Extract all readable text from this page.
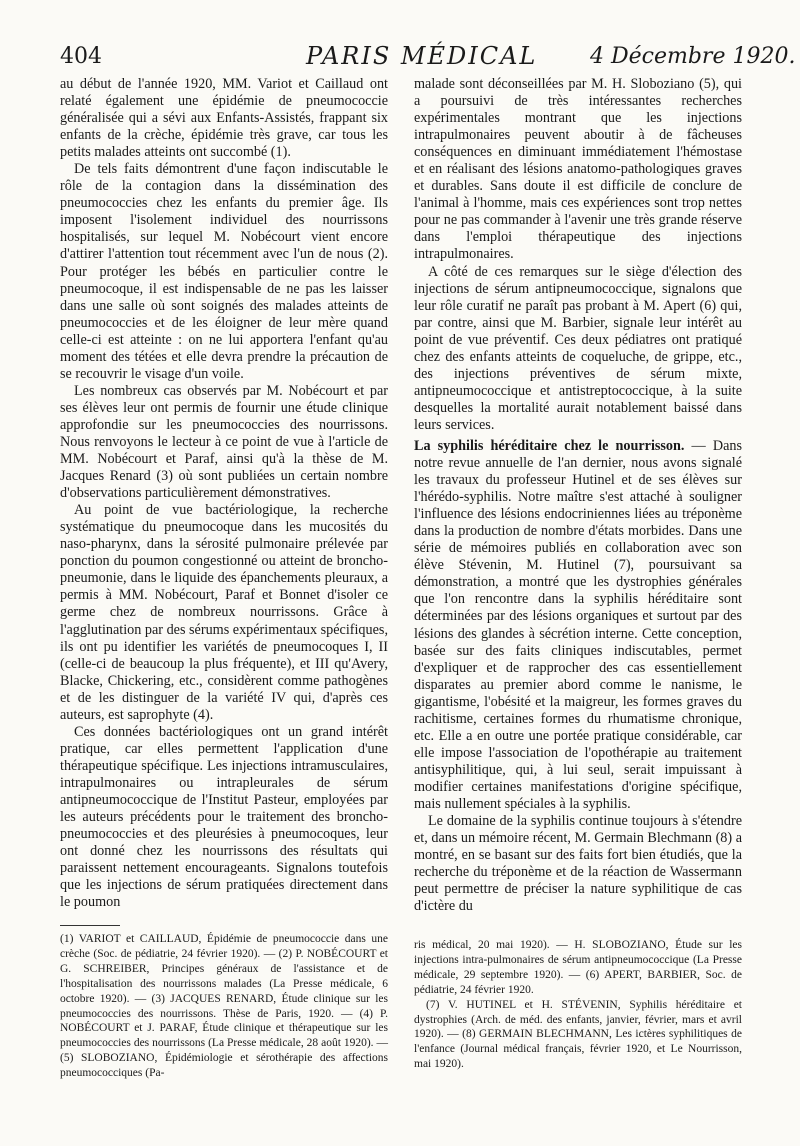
404	PARIS MÉDICAL 4 Décembre 1920.

au début de l'année 1920, MM. Variot et Caillaud ont relaté également une épidémie de pneumococcie généralisée qui a sévi aux Enfants-Assistés, frappant six enfants de la crèche, épidémie très grave, car tous les petits malades atteints ont succombé (1).

De tels faits démontrent d'une façon indiscutable le rôle de la contagion dans la dissémination des pneumococcies chez les enfants du premier âge. Ils imposent l'isolement individuel des nourrissons hospitalisés, sur lequel M. Nobécourt vient encore d'attirer l'attention tout récemment avec l'un de nous (2). Pour protéger les bébés en particulier contre le pneumocoque, il est indispensable de ne pas les laisser dans une salle où sont soignés des malades atteints de pneumococcies et de les éloigner de leur mère quand celle-ci est atteinte : on ne lui apportera l'enfant qu'au moment des tétées et elle devra prendre la précaution de se recouvrir le visage d'un voile.

Les nombreux cas observés par M. Nobécourt et par ses élèves leur ont permis de fournir une étude clinique approfondie sur les pneumococcies des nourrissons. Nous renvoyons le lecteur à ce point de vue à l'article de MM. Nobécourt et Paraf, ainsi qu'à la thèse de M. Jacques Renard (3) où sont publiées un certain nombre d'observations particulièrement démonstratives.

Au point de vue bactériologique, la recherche systématique du pneumocoque dans les mucosités du naso-pharynx, dans la sérosité pulmonaire prélevée par ponction du poumon congestionné ou atteint de broncho-pneumonie, dans le liquide des épanchements pleuraux, a permis à MM. Nobécourt, Paraf et Bonnet d'isoler ce germe chez de nombreux nourrissons. Grâce à l'agglutination par des sérums expérimentaux spécifiques, ils ont pu identifier les variétés de pneumocoques I, II (celle-ci de beaucoup la plus fréquente), et III qu'Avery, Blacke, Chickering, etc., considèrent comme pathogènes et de les distinguer de la variété IV qui, d'après ces auteurs, est saprophyte (4).

Ces données bactériologiques ont un grand intérêt pratique, car elles permettent l'application d'une thérapeutique spécifique. Les injections intramusculaires, intrapulmonaires ou intrapleurales de sérum antipneumococcique de l'Institut Pasteur, employées par les auteurs précédents pour le traitement des broncho-pneumococcies et des pleurésies à pneumocoques, leur ont donné chez les nourrissons des résultats qui paraissent nettement encourageants. Signalons toutefois que les injections de sérum pratiquées directement dans le poumon

malade sont déconseillées par M. H. Sloboziano (5), qui a poursuivi de très intéressantes recherches expérimentales montrant que les injections intrapulmonaires peuvent aboutir à de fâcheuses conséquences en diminuant immédiatement l'hémostase et en réalisant des lésions anatomo-pathologiques graves et durables. Sans doute il est difficile de conclure de l'animal à l'homme, mais ces expériences sont trop nettes pour ne pas commander à l'avenir une très grande réserve dans l'emploi thérapeutique des injections intrapulmonaires.

A côté de ces remarques sur le siège d'élection des injections de sérum antipneumococcique, signalons que leur rôle curatif ne paraît pas probant à M. Apert (6) qui, par contre, ainsi que M. Barbier, signale leur intérêt au point de vue préventif. Ces deux pédiatres ont pratiqué chez des enfants atteints de coqueluche, de grippe, etc., des injections préventives de sérum mixte, antipneumococcique et antistreptococcique, à la suite desquelles la mortalité aurait notablement baissé dans leurs services.

La syphilis héréditaire chez le nourrisson. — Dans notre revue annuelle de l'an dernier, nous avons signalé les travaux du professeur Hutinel et de ses élèves sur l'hérédo-syphilis. Notre maître s'est attaché à souligner l'influence des lésions endocriniennes liées au tréponème dans la production de nombre d'états morbides. Dans une série de mémoires publiés en collaboration avec son élève Stévenin, M. Hutinel (7), poursuivant sa démonstration, a montré que les dystrophies générales que l'on rencontre dans la syphilis héréditaire sont déterminées par des lésions organiques et surtout par des lésions des glandes à sécrétion interne. Cette conception, basée sur des faits cliniques indiscutables, permet d'expliquer et de rapprocher des cas essentiellement disparates au premier abord comme le nanisme, le gigantisme, l'obésité et la maigreur, les formes graves du rachitisme, certaines formes du rhumatisme chronique, etc. Elle a en outre une portée pratique considérable, car elle impose l'association de l'opothérapie au traitement antisyphilitique, qui, à lui seul, serait impuissant à modifier certaines manifestations d'origine spécifique, mais nullement spéciales à la syphilis.

Le domaine de la syphilis continue toujours à s'étendre et, dans un mémoire récent, M. Germain Blechmann (8) a montré, en se basant sur des faits fort bien étudiés, que la recherche du tréponème et de la réaction de Wassermann peut permettre de préciser la nature syphilitique de cas d'ictère du

(1) VARIOT et CAILLAUD, Épidémie de pneumococcie dans une crèche (Soc. de pédiatrie, 24 février 1920). — (2) P. NOBÉCOURT et G. SCHREIBER, Principes généraux de l'assistance et de l'hospitalisation des nourrissons malades (La Presse médicale, 6 octobre 1920). — (3) JACQUES RENARD, Étude clinique sur les pneumococcies des nourrissons. Thèse de Paris, 1920. — (4) P. NOBÉCOURT et J. PARAF, Étude clinique et thérapeutique sur les pneumococcies des nourrissons (La Presse médicale, 28 août 1920). — (5) SLOBOZIANO, Épidémiologie et sérothérapie des affections pneumococciques (Pa-

ris médical, 20 mai 1920). — H. SLOBOZIANO, Étude sur les injections intra-pulmonaires de sérum antipneumococcique (La Presse médicale, 29 septembre 1920). — (6) APERT, BARBIER, Soc. de pédiatrie, 24 février 1920.

(7) V. HUTINEL et H. STÉVENIN, Syphilis héréditaire et dystrophies (Arch. de méd. des enfants, janvier, février, mars et avril 1920). — (8) GERMAIN BLECHMANN, Les ictères syphilitiques de l'enfance (Journal médical français, février 1920, et Le Nourrisson, mai 1920).
